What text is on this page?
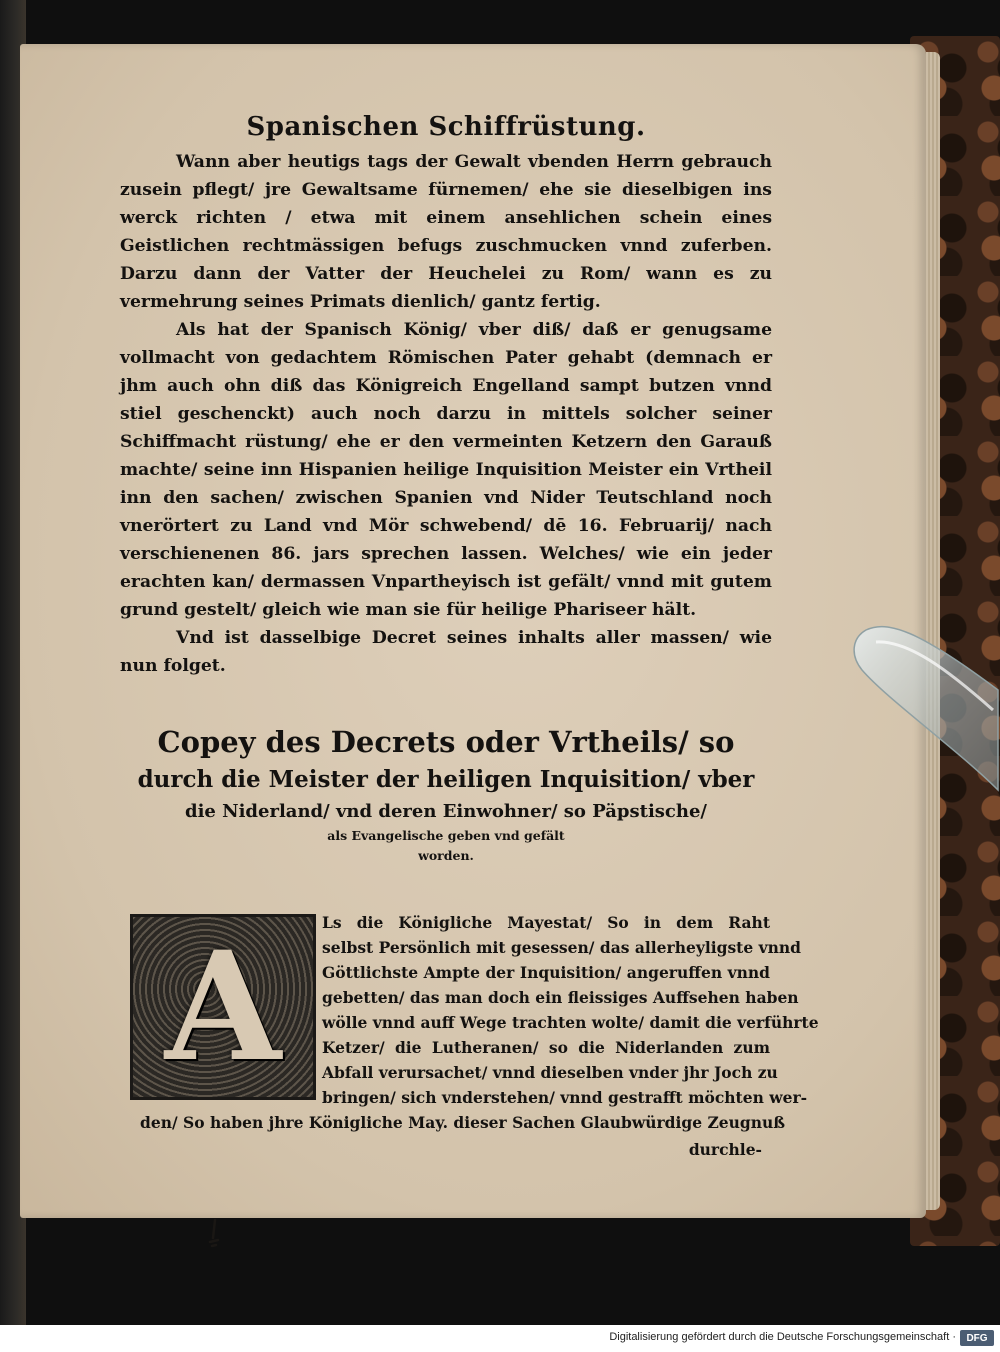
Spanischen Schiffrüstung.

Wann aber heutigs tags der Gewalt vbenden Herrn gebrauch zusein pflegt/ jre Gewaltsame fürnemen/ ehe sie dieselbigen ins werck richten / etwa mit einem ansehlichen schein eines Geistlichen rechtmässigen befugs zuschmucken vnnd zuferben. Darzu dann der Vatter der Heuchelei zu Rom/ wann es zu vermehrung seines Primats dienlich/ gantz fertig.

Als hat der Spanisch König/ vber diß/ daß er genugsame vollmacht von gedachtem Römischen Pater gehabt (demnach er jhm auch ohn diß das Königreich Engelland sampt butzen vnnd stiel geschenckt) auch noch darzu in mittels solcher seiner Schiffmacht rüstung/ ehe er den vermeinten Ketzern den Garauß machte/ seine inn Hispanien heilige Inquisition Meister ein Vrtheil inn den sachen/ zwischen Spanien vnd Nider Teutschland noch vnerörtert zu Land vnd Mör schwebend/ dē 16. Februarij/ nach verschienenen 86. jars sprechen lassen. Welches/ wie ein jeder erachten kan/ dermassen Vnpartheyisch ist gefält/ vnnd mit gutem grund gestelt/ gleich wie man sie für heilige Phariseer hält.

Vnd ist dasselbige Decret seines inhalts aller massen/ wie nun folget.

Copey des Decrets oder Vrtheils/ so
durch die Meister der heiligen Inquisition/ vber
die Niderland/ vnd deren Einwohner/ so Päpstische/
als Evangelische geben vnd gefält
worden.
A	Ls die Königliche Mayestat/ So in dem Raht
selbst Persönlich mit gesessen/ das allerheyligste vnnd
Göttlichste Ampte der Inquisition/ angeruffen vnnd
gebetten/ das man doch ein fleissiges Auffsehen haben
wölle vnnd auff Wege trachten wolte/ damit die verführte
Ketzer/ die Lutheranen/ so die Niderlanden zum
Abfall verursachet/ vnnd dieselben vnder jhr Joch zu
bringen/ sich vnderstehen/ vnnd gestrafft möchten wer-
den/ So haben jhre Königliche May. dieser Sachen Glaubwürdige Zeugnuß
durchle-
Digitalisierung gefördert durch die Deutsche Forschungsgemeinschaft ·	DFG
